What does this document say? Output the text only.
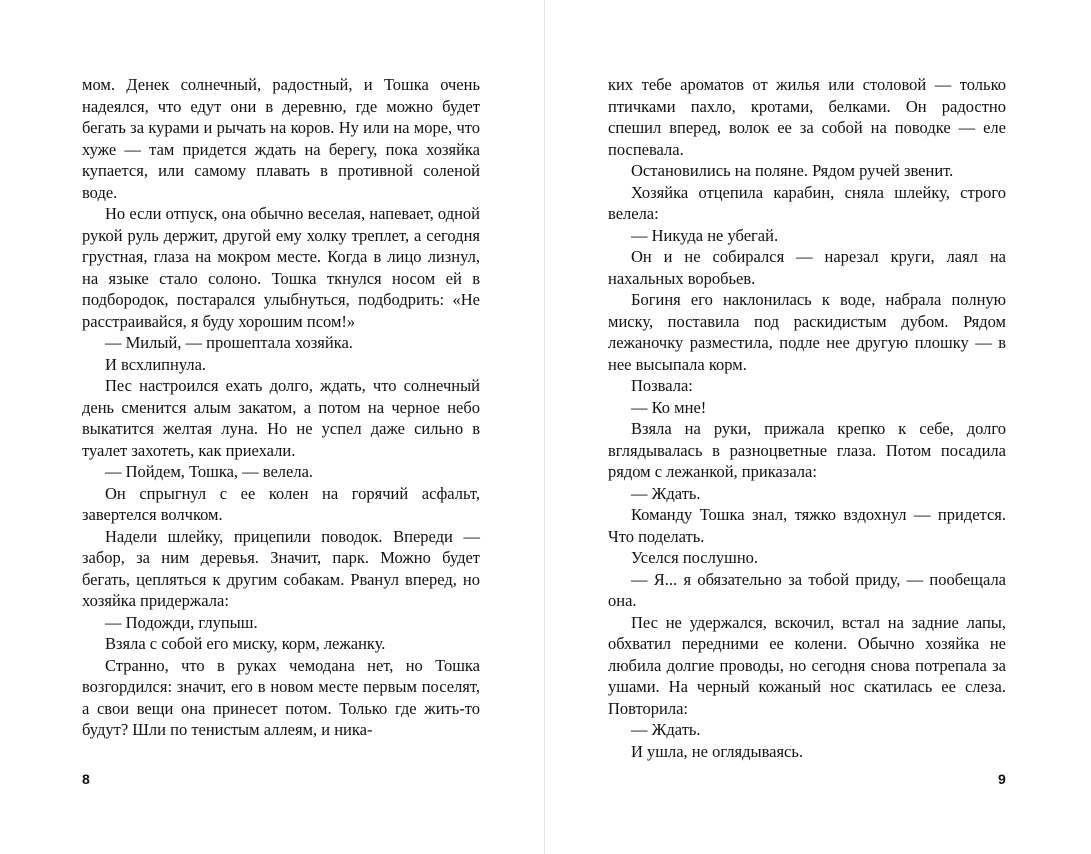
мом. Денек солнечный, радостный, и Тошка очень надеялся, что едут они в деревню, где можно будет бегать за курами и рычать на коров. Ну или на море, что хуже — там придется ждать на берегу, пока хозяйка купается, или самому плавать в противной соленой воде.

Но если отпуск, она обычно веселая, напевает, одной рукой руль держит, другой ему холку треплет, а сегодня грустная, глаза на мокром месте. Когда в лицо лизнул, на языке стало солоно. Тошка ткнулся носом ей в подбородок, постарался улыбнуться, подбодрить: «Не расстраивайся, я буду хорошим псом!»

— Милый, — прошептала хозяйка.

И всхлипнула.

Пес настроился ехать долго, ждать, что солнечный день сменится алым закатом, а потом на черное небо выкатится желтая луна. Но не успел даже сильно в туалет захотеть, как приехали.

— Пойдем, Тошка, — велела.

Он спрыгнул с ее колен на горячий асфальт, завертелся волчком.

Надели шлейку, прицепили поводок. Впереди — забор, за ним деревья. Значит, парк. Можно будет бегать, цепляться к другим собакам. Рванул вперед, но хозяйка придержала:

— Подожди, глупыш.

Взяла с собой его миску, корм, лежанку.

Странно, что в руках чемодана нет, но Тошка возгордился: значит, его в новом месте первым поселят, а свои вещи она принесет потом. Только где жить-то будут? Шли по тенистым аллеям, и ника-

8

ких тебе ароматов от жилья или столовой — только птичками пахло, кротами, белками. Он радостно спешил вперед, волок ее за собой на поводке — еле поспевала.

Остановились на поляне. Рядом ручей звенит.

Хозяйка отцепила карабин, сняла шлейку, строго велела:

— Никуда не убегай.

Он и не собирался — нарезал круги, лаял на нахальных воробьев.

Богиня его наклонилась к воде, набрала полную миску, поставила под раскидистым дубом. Рядом лежаночку разместила, подле нее другую плошку — в нее высыпала корм.

Позвала:

— Ко мне!

Взяла на руки, прижала крепко к себе, долго вглядывалась в разноцветные глаза. Потом посадила рядом с лежанкой, приказала:

— Ждать.

Команду Тошка знал, тяжко вздохнул — придется. Что поделать.

Уселся послушно.

— Я... я обязательно за тобой приду, — пообещала она.

Пес не удержался, вскочил, встал на задние лапы, обхватил передними ее колени. Обычно хозяйка не любила долгие проводы, но сегодня снова потрепала за ушами. На черный кожаный нос скатилась ее слеза. Повторила:

— Ждать.

И ушла, не оглядываясь.

9
